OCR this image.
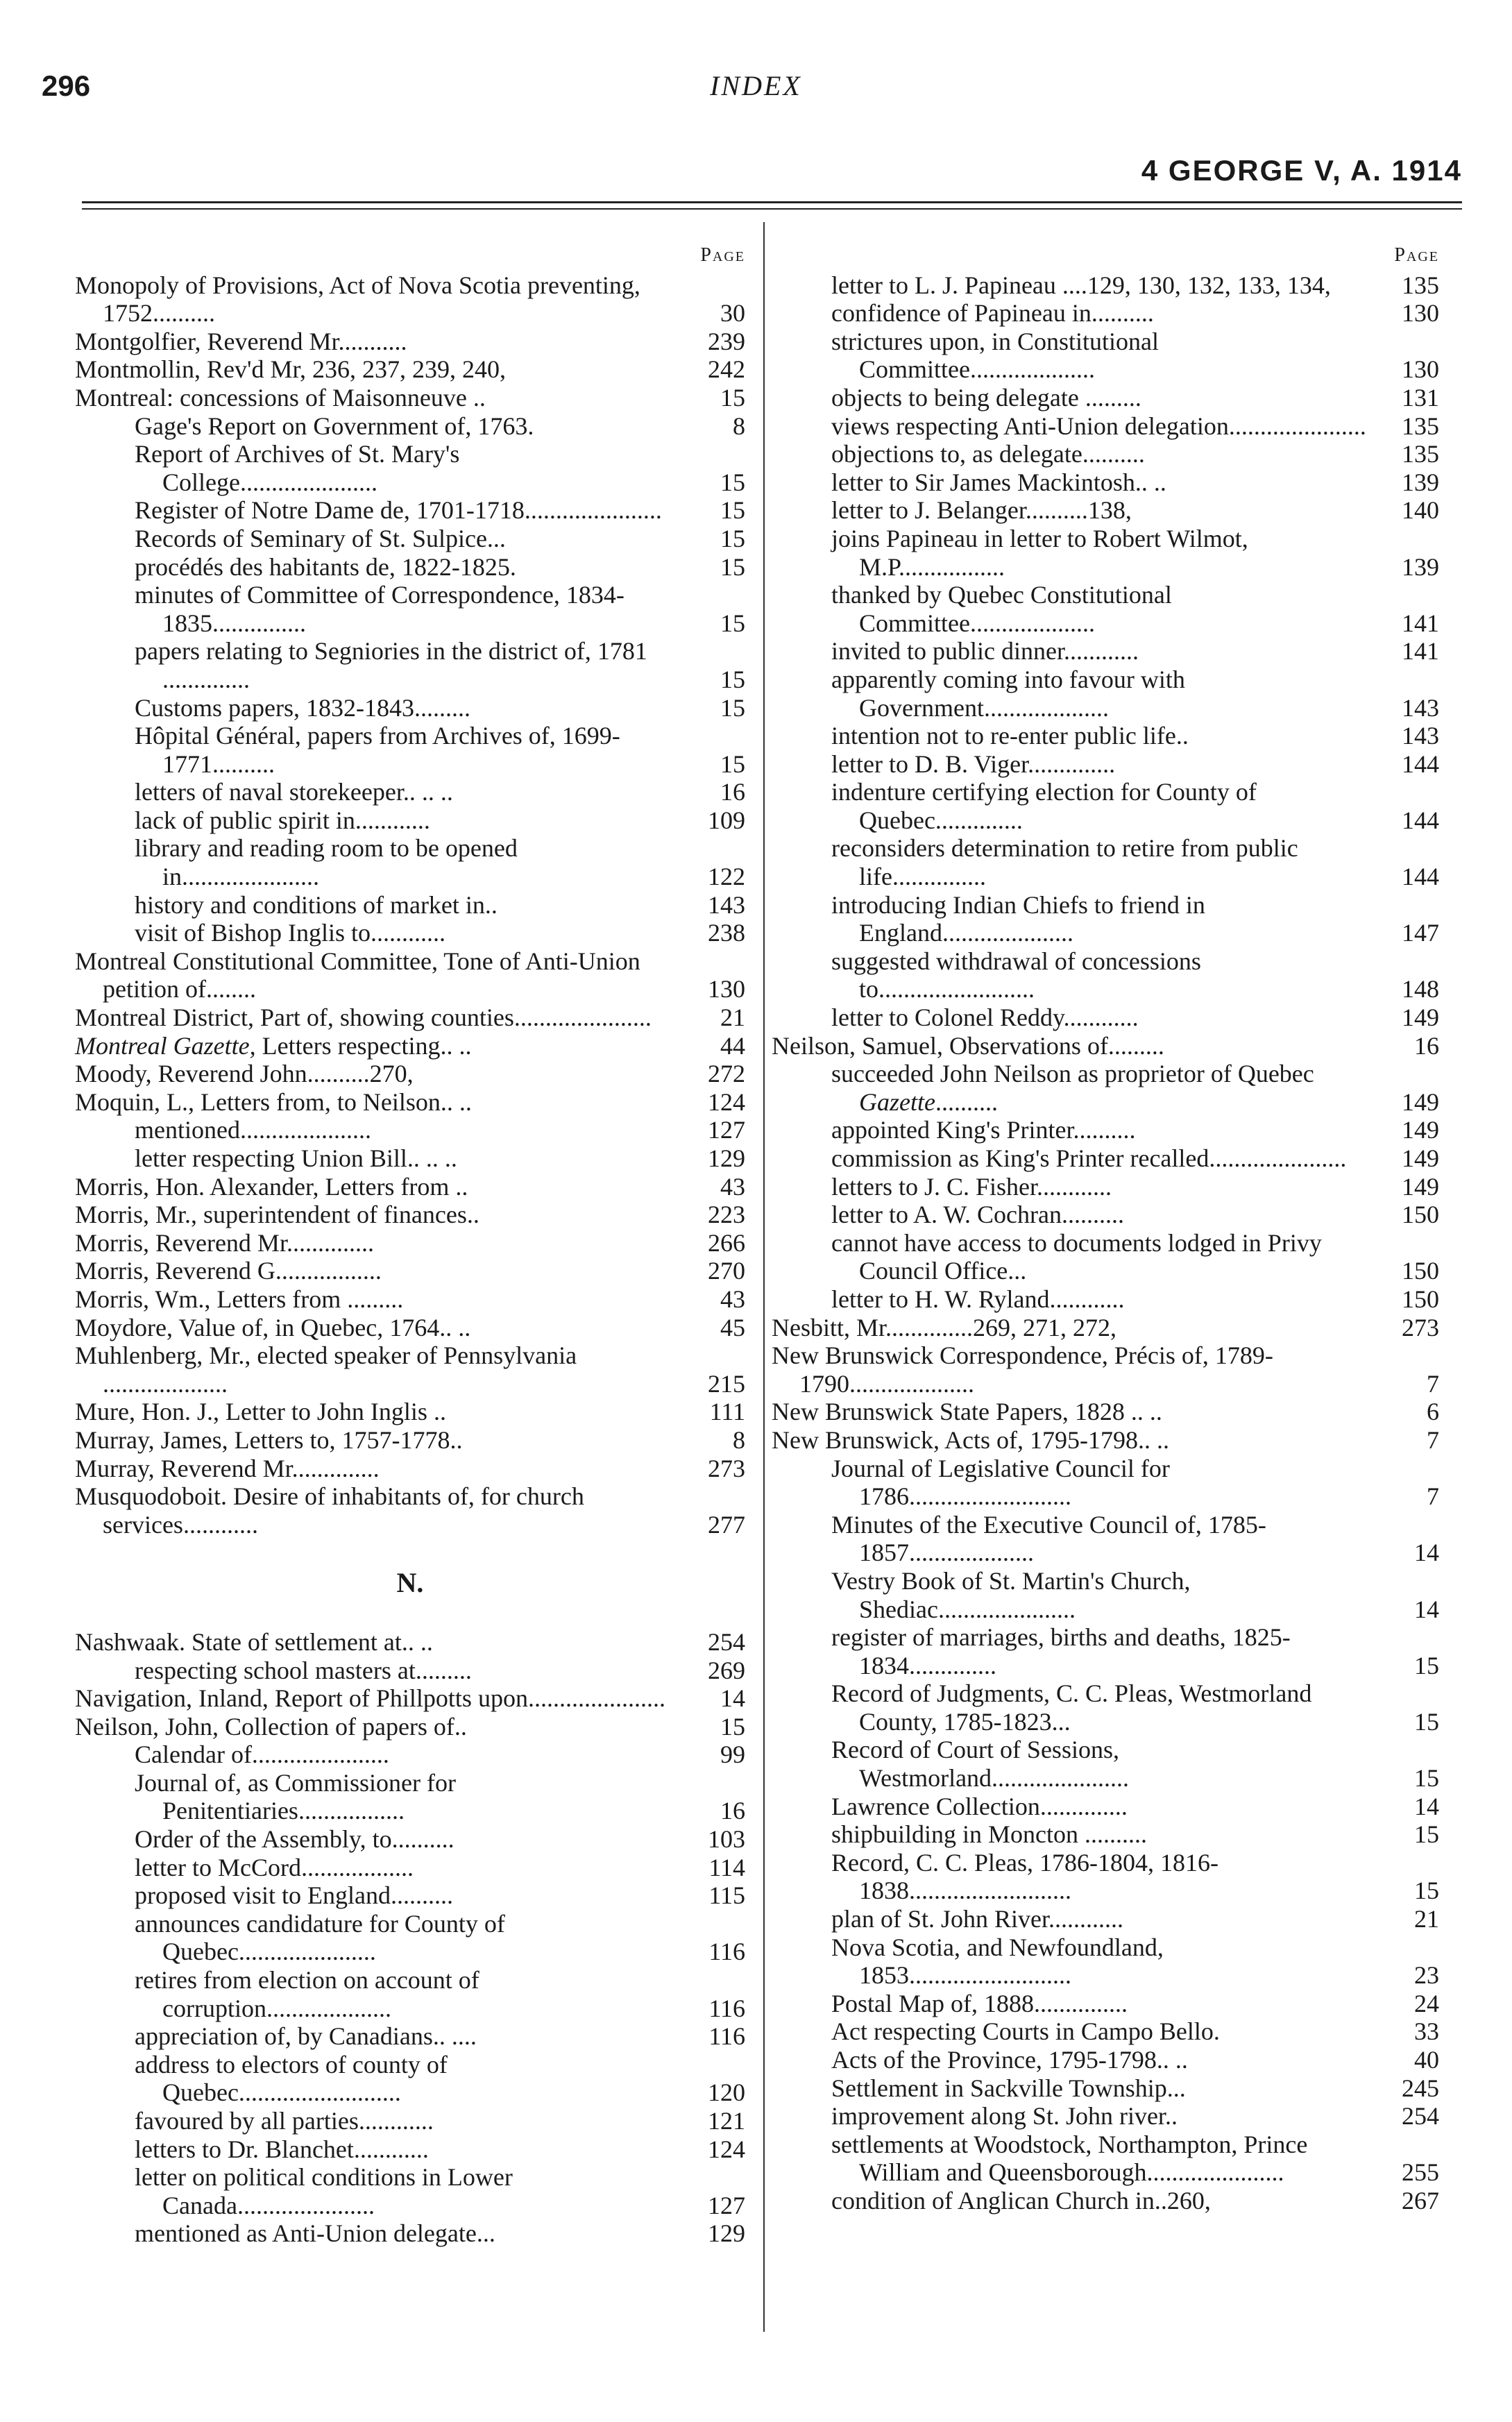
296	INDEX
4 GEORGE V, A. 1914
Page
Monopoly of Provisions, Act of Nova Scotia preventing, 1752..........	30
Montgolfier, Reverend Mr...........	239
Montmollin, Rev'd Mr, 236, 237, 239, 240,	242
Montreal: concessions of Maisonneuve ..	15
Gage's Report on Government of, 1763.	8
Report of Archives of St. Mary's College......................	15
Register of Notre Dame de, 1701-1718...................... 15
Records of Seminary of St. Sulpice...	15
procédés des habitants de, 1822-1825.	15
minutes of Committee of Correspondence, 1834-1835...............	15
papers relating to Segniories in the district of, 1781 ..............	15
Customs papers, 1832-1843.........	15
Hôpital Général, papers from Archives of, 1699-1771..........	15
letters of naval storekeeper.. .. ..	16
lack of public spirit in............	109
library and reading room to be opened in......................	122
history and conditions of market in..	143
visit of Bishop Inglis to............	238
Montreal Constitutional Committee, Tone of Anti-Union petition of........	130
Montreal District, Part of, showing counties......................	21
Montreal Gazette, Letters respecting.. ..	44
Moody, Reverend John..........270,	272
Moquin, L., Letters from, to Neilson.. ..	124
mentioned.....................	127
letter respecting Union Bill.. .. ..	129
Morris, Hon. Alexander, Letters from ..	43
Morris, Mr., superintendent of finances..	223
Morris, Reverend Mr..............	266
Morris, Reverend G.................	270
Morris, Wm., Letters from .........	43
Moydore, Value of, in Quebec, 1764.. ..	45
Muhlenberg, Mr., elected speaker of Pennsylvania ....................	215
Mure, Hon. J., Letter to John Inglis ..	111
Murray, James, Letters to, 1757-1778..	8
Murray, Reverend Mr..............	273
Musquodoboit. Desire of inhabitants of, for church services............	277
N.
Nashwaak. State of settlement at.. ..	254
respecting school masters at.........	269
Navigation, Inland, Report of Phillpotts upon...................... 14
Neilson, John, Collection of papers of..	15
Calendar of......................	99
Journal of, as Commissioner for Penitentiaries.................	16
Order of the Assembly, to..........	103
letter to McCord..................	114
proposed visit to England..........	115
announces candidature for County of Quebec......................	116
retires from election on account of corruption....................	116
appreciation of, by Canadians.. ....	116
address to electors of county of Quebec..........................	120
favoured by all parties............	121
letters to Dr. Blanchet............	124
letter on political conditions in Lower Canada......................	127
mentioned as Anti-Union delegate...	129
Page
letter to L. J. Papineau ....129, 130, 132, 133, 134,	135
confidence of Papineau in..........	130
strictures upon, in Constitutional Committee....................	130
objects to being delegate .........	131
views respecting Anti-Union delegation...................... 135
objections to, as delegate..........	135
letter to Sir James Mackintosh.. ..	139
letter to J. Belanger..........138,	140
joins Papineau in letter to Robert Wilmot, M.P.................	139
thanked by Quebec Constitutional Committee....................	141
invited to public dinner............	141
apparently coming into favour with Government....................	143
intention not to re-enter public life..	143
letter to D. B. Viger..............	144
indenture certifying election for County of Quebec..............	144
reconsiders determination to retire from public life...............	144
introducing Indian Chiefs to friend in England.....................	147
suggested withdrawal of concessions to.........................	148
letter to Colonel Reddy............	149
Neilson, Samuel, Observations of.........	16
succeeded John Neilson as proprietor of Quebec Gazette..........	149
appointed King's Printer..........	149
commission as King's Printer recalled...................... 149
letters to J. C. Fisher............	149
letter to A. W. Cochran..........	150
cannot have access to documents lodged in Privy Council Office...	150
letter to H. W. Ryland............	150
Nesbitt, Mr..............269, 271, 272,	273
New Brunswick Correspondence, Précis of, 1789-1790....................	7
New Brunswick State Papers, 1828 .. ..	6
New Brunswick, Acts of, 1795-1798.. ..	7
Journal of Legislative Council for 1786..........................	7
Minutes of the Executive Council of, 1785-1857....................	14
Vestry Book of St. Martin's Church, Shediac......................	14
register of marriages, births and deaths, 1825-1834..............	15
Record of Judgments, C. C. Pleas, Westmorland County, 1785-1823...	15
Record of Court of Sessions, Westmorland......................	15
Lawrence Collection..............	14
shipbuilding in Moncton ..........	15
Record, C. C. Pleas, 1786-1804, 1816-1838..........................	15
plan of St. John River............	21
Nova Scotia, and Newfoundland, 1853..........................	23
Postal Map of, 1888...............	24
Act respecting Courts in Campo Bello.	33
Acts of the Province, 1795-1798.. ..	40
Settlement in Sackville Township...	245
improvement along St. John river..	254
settlements at Woodstock, Northampton, Prince William and Queensborough......................	255
condition of Anglican Church in..260,	267
